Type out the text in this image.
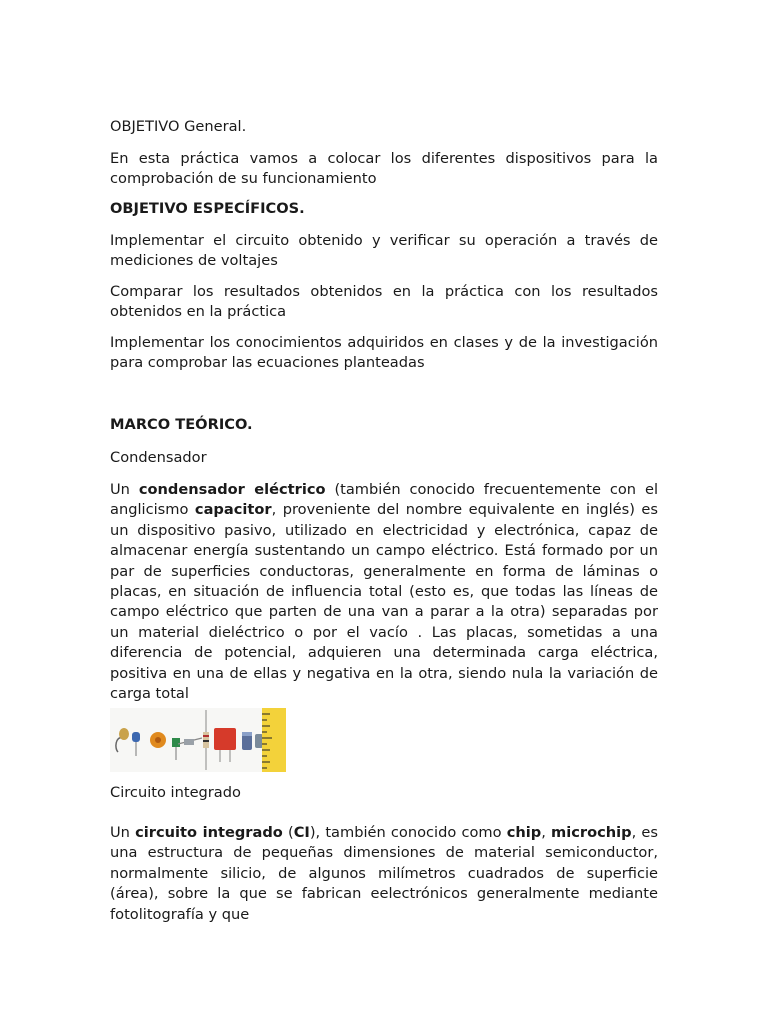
OBJETIVO General.
En esta práctica vamos a colocar los diferentes dispositivos para la comprobación de su funcionamiento
OBJETIVO ESPECÍFICOS.
Implementar el circuito obtenido y verificar su operación a través de mediciones de voltajes
Comparar los resultados obtenidos en la práctica con los resultados obtenidos en la práctica
Implementar los conocimientos adquiridos en clases y de la investigación para comprobar las ecuaciones planteadas
MARCO TEÓRICO.
Condensador
Un condensador eléctrico (también conocido frecuentemente con el anglicismo capacitor, proveniente del nombre equivalente en inglés) es un dispositivo pasivo, utilizado en electricidad y electrónica, capaz de almacenar energía sustentando un campo eléctrico. Está formado por un par de superficies conductoras, generalmente en forma de láminas o placas, en situación de influencia total (esto es, que todas las líneas de campo eléctrico que parten de una van a parar a la otra) separadas por un material dieléctrico o por el vacío . Las placas, sometidas a una diferencia de potencial, adquieren una determinada carga eléctrica, positiva en una de ellas y negativa en la otra, siendo nula la variación de carga total
Circuito integrado
Un circuito integrado (CI), también conocido como chip, microchip, es una estructura de pequeñas dimensiones de material semiconductor, normalmente silicio, de algunos milímetros cuadrados de superficie (área), sobre la que se fabrican eelectrónicos generalmente mediante fotolitografía y que
